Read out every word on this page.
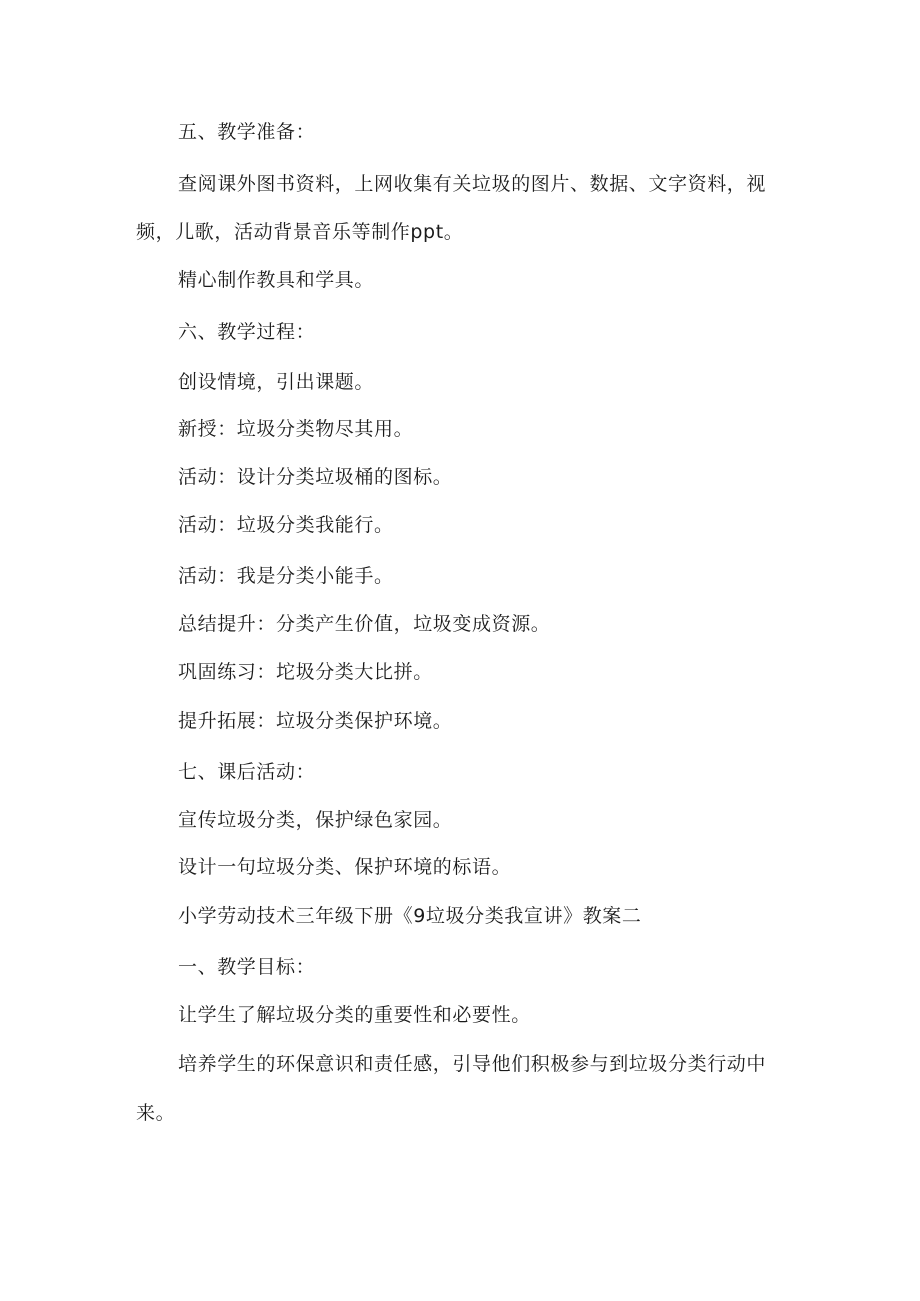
五、教学准备：

查阅课外图书资料，上网收集有关垃圾的图片、数据、文字资料，视

频，儿歌，活动背景音乐等制作ppt。

精心制作教具和学具。

六、教学过程：

创设情境，引出课题。

新授：垃圾分类物尽其用。

活动：设计分类垃圾桶的图标。

活动：垃圾分类我能行。

活动：我是分类小能手。

总结提升：分类产生价值，垃圾变成资源。

巩固练习：坨圾分类大比拼。

提升拓展：垃圾分类保护环境。

七、课后活动：

宣传垃圾分类，保护绿色家园。

设计一句垃圾分类、保护环境的标语。

小学劳动技术三年级下册《9垃圾分类我宣讲》教案二

一、教学目标：

让学生了解垃圾分类的重要性和必要性。

培养学生的环保意识和责任感，引导他们积极参与到垃圾分类行动中

来。
